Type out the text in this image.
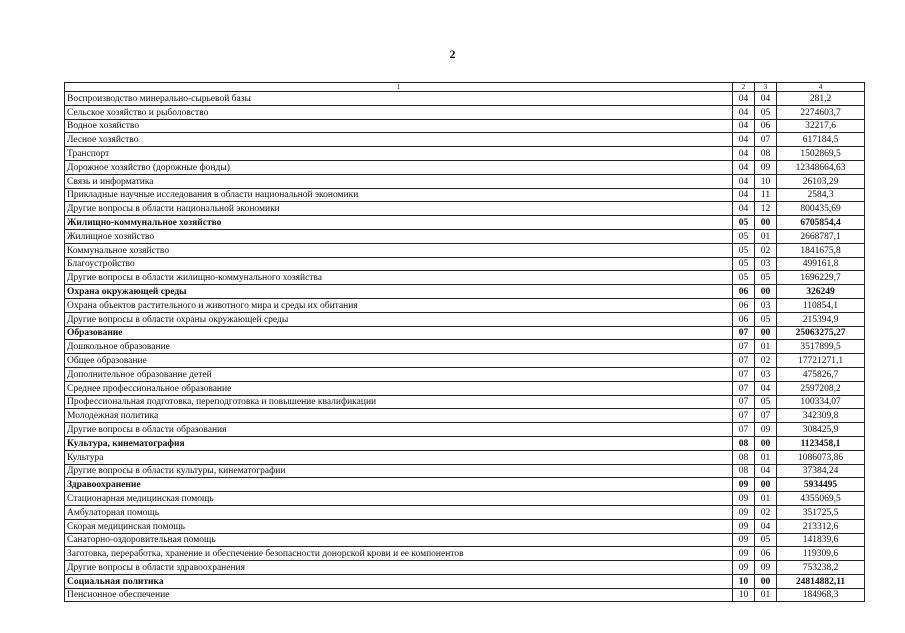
2
1	2	3	4
Воспроизводство минерально-сырьевой базы	04	04	281,2
Сельское хозяйство и рыболовство	04	05	2274603,7
Водное хозяйство	04	06	32217,6
Лесное хозяйство	04	07	617184,5
Транспорт	04	08	1502869,5
Дорожное хозяйство (дорожные фонды)	04	09	12348664,63
Связь и информатика	04	10	26103,29
Прикладные научные исследования в области национальной экономики	04	11	2584,3
Другие вопросы в области национальной экономики	04	12	800435,69
Жилищно-коммунальное хозяйство	05	00	6705854,4
Жилищное хозяйство	05	01	2668787,1
Коммунальное хозяйство	05	02	1841675,8
Благоустройство	05	03	499161,8
Другие вопросы в области жилищно-коммунального хозяйства	05	05	1696229,7
Охрана окружающей среды	06	00	326249
Охрана объектов растительного и животного мира и среды их обитания	06	03	110854,1
Другие вопросы в области охраны окружающей среды	06	05	215394,9
Образование	07	00	25063275,27
Дошкольное образование	07	01	3517899,5
Общее образование	07	02	17721271,1
Дополнительное образование детей	07	03	475826,7
Среднее профессиональное образование	07	04	2597208,2
Профессиональная подготовка, переподготовка и повышение квалификации	07	05	100334,07
Молодежная политика	07	07	342309,8
Другие вопросы в области образования	07	09	308425,9
Культура, кинематография	08	00	1123458,1
Культура	08	01	1086073,86
Другие вопросы в области культуры, кинематографии	08	04	37384,24
Здравоохранение	09	00	5934495
Стационарная медицинская помощь	09	01	4355069,5
Амбулаторная помощь	09	02	351725,5
Скорая медицинская помощь	09	04	213312,6
Санаторно-оздоровительная помощь	09	05	141839,6
Заготовка, переработка, хранение и обеспечение безопасности донорской крови и ее компонентов	09	06	119309,6
Другие вопросы в области здравоохранения	09	09	753238,2
Социальная политика	10	00	24814882,11
Пенсионное обеспечение	10	01	184968,3
